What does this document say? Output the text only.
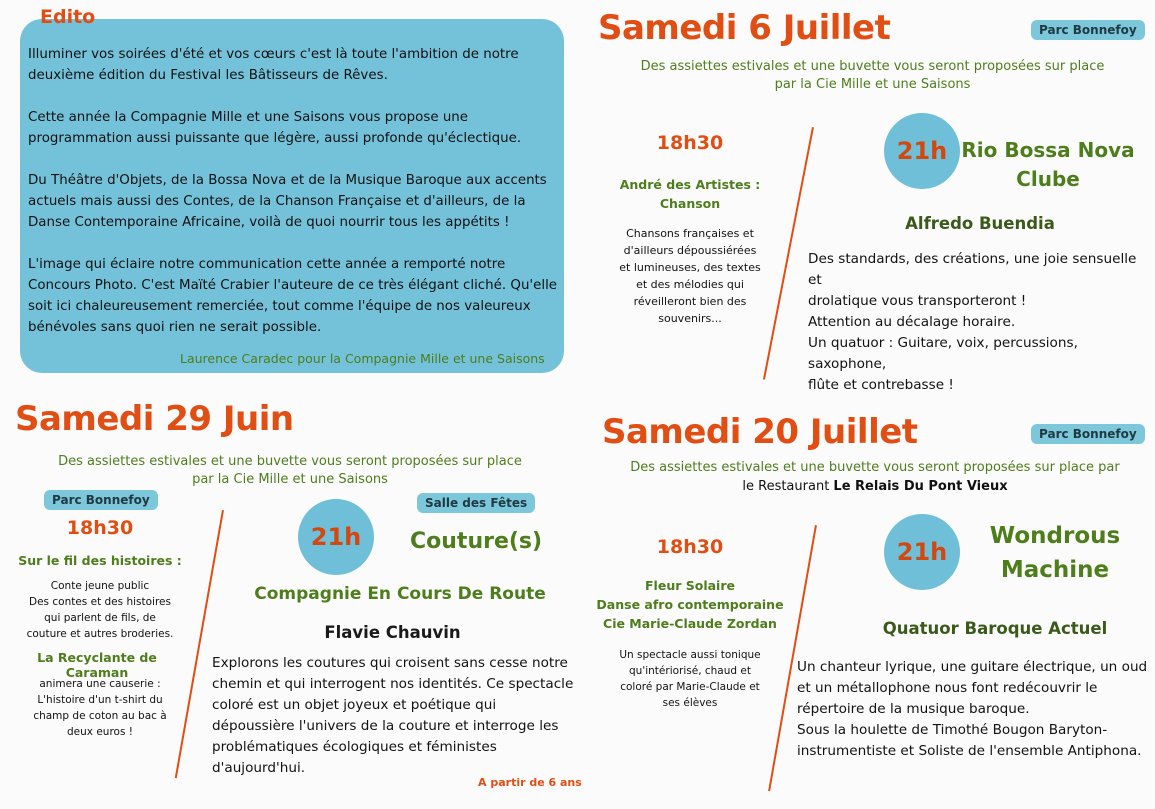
Edito

Illuminer vos soirées d'été et vos cœurs c'est là toute l'ambition de notre deuxième édition du Festival les Bâtisseurs de Rêves.

Cette année la Compagnie Mille et une Saisons vous propose une programmation aussi puissante que légère, aussi profonde qu'éclectique.

Du Théâtre d'Objets, de la Bossa Nova et de la Musique Baroque aux accents actuels mais aussi des Contes, de la Chanson Française et d'ailleurs, de la Danse Contemporaine Africaine, voilà de quoi nourrir tous les appétits !

L'image qui éclaire notre communication cette année a remporté notre Concours Photo. C'est Maïté Crabier l'auteure de ce très élégant cliché. Qu'elle soit ici chaleureusement remerciée, tout comme l'équipe de nos valeureux bénévoles sans quoi rien ne serait possible.

Laurence Caradec pour la Compagnie Mille et une Saisons
Samedi 6 Juillet	Parc Bonnefoy
Des assiettes estivales et une buvette vous seront proposées sur place
par la Cie Mille et une Saisons
18h30
André des Artistes :
Chanson
Chansons françaises et
d'ailleurs dépoussiérées
et lumineuses, des textes
et des mélodies qui
réveilleront bien des
souvenirs...
21h Rio Bossa Nova
Clube
Alfredo Buendia
Des standards, des créations, une joie sensuelle et
drolatique vous transporteront !
Attention au décalage horaire.
Un quatuor : Guitare, voix, percussions, saxophone,
flûte et contrebasse !
Samedi 29 Juin
Des assiettes estivales et une buvette vous seront proposées sur place
par la Cie Mille et une Saisons
Parc Bonnefoy
18h30
Sur le fil des histoires :
Conte jeune public
Des contes et des histoires
qui parlent de fils, de
couture et autres broderies.
La Recyclante de Caraman
animera une causerie :
L'histoire d'un t-shirt du
champ de coton au bac à
deux euros !
Salle des Fêtes
21h	Couture(s)
Compagnie En Cours De Route
Flavie Chauvin
Explorons les coutures qui croisent sans cesse notre
chemin et qui interrogent nos identités. Ce spectacle
coloré est un objet joyeux et poétique qui
dépoussière l'univers de la couture et interroge les
problématiques écologiques et féministes
d'aujourd'hui.
A partir de 6 ans
Samedi 20 Juillet	Parc Bonnefoy
Des assiettes estivales et une buvette vous seront proposées sur place par
le Restaurant Le Relais Du Pont Vieux
18h30
Fleur Solaire
Danse afro contemporaine
Cie Marie-Claude Zordan
Un spectacle aussi tonique
qu'intériorisé, chaud et
coloré par Marie-Claude et
ses élèves
21h
Wondrous
Machine
Quatuor Baroque Actuel
Un chanteur lyrique, une guitare électrique, un oud
et un métallophone nous font redécouvrir le
répertoire de la musique baroque.
Sous la houlette de Timothé Bougon Baryton-
instrumentiste et Soliste de l'ensemble Antiphona.
